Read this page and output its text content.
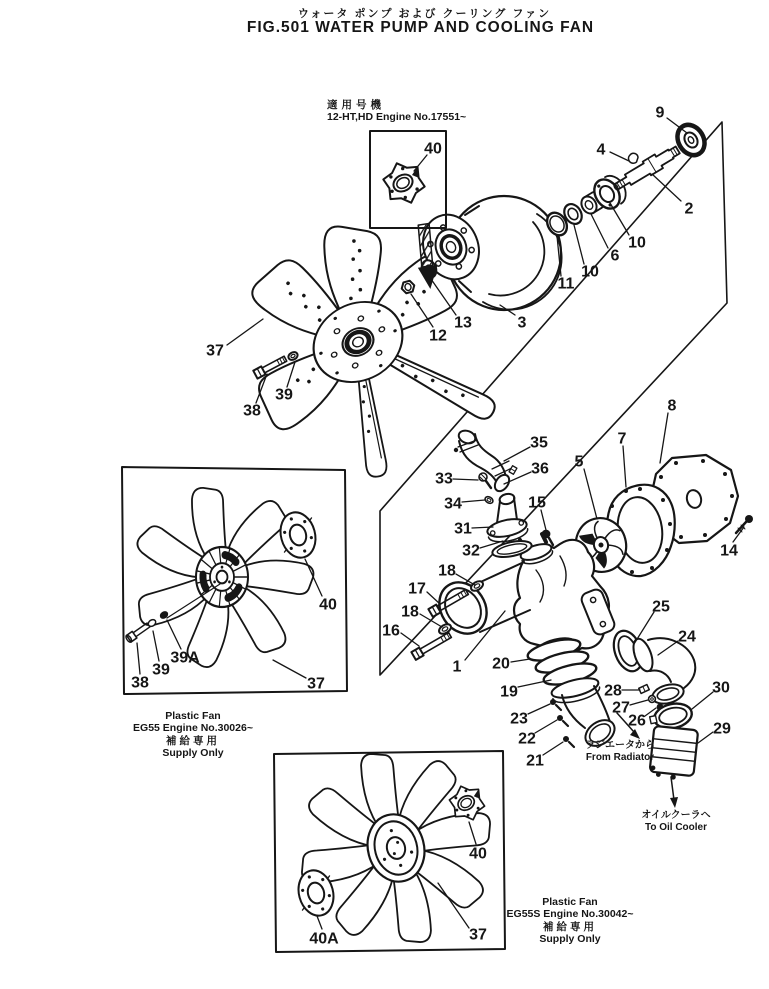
9
4
2
10
6
10
11
12
13	3
37
38
39
40
35
36
33
34
31
32
15
5
7
8
14
18
17
18
16
1 20
19
23
22
21
25
24
28
27
26
30
29
38
39
39A
37
40
40A
40
37
ウォータ ポンプ および クーリング ファン
FIG.501 WATER PUMP AND COOLING FAN
適用号機
12-HT,HD Engine No.17551~
Plastic Fan
EG55 Engine No.30026~
補給専用
Supply Only
Plastic Fan
EG55S Engine No.30042~
補給専用
Supply Only
ラジエータから
From Radiator
オイルクーラへ
To Oil Cooler
